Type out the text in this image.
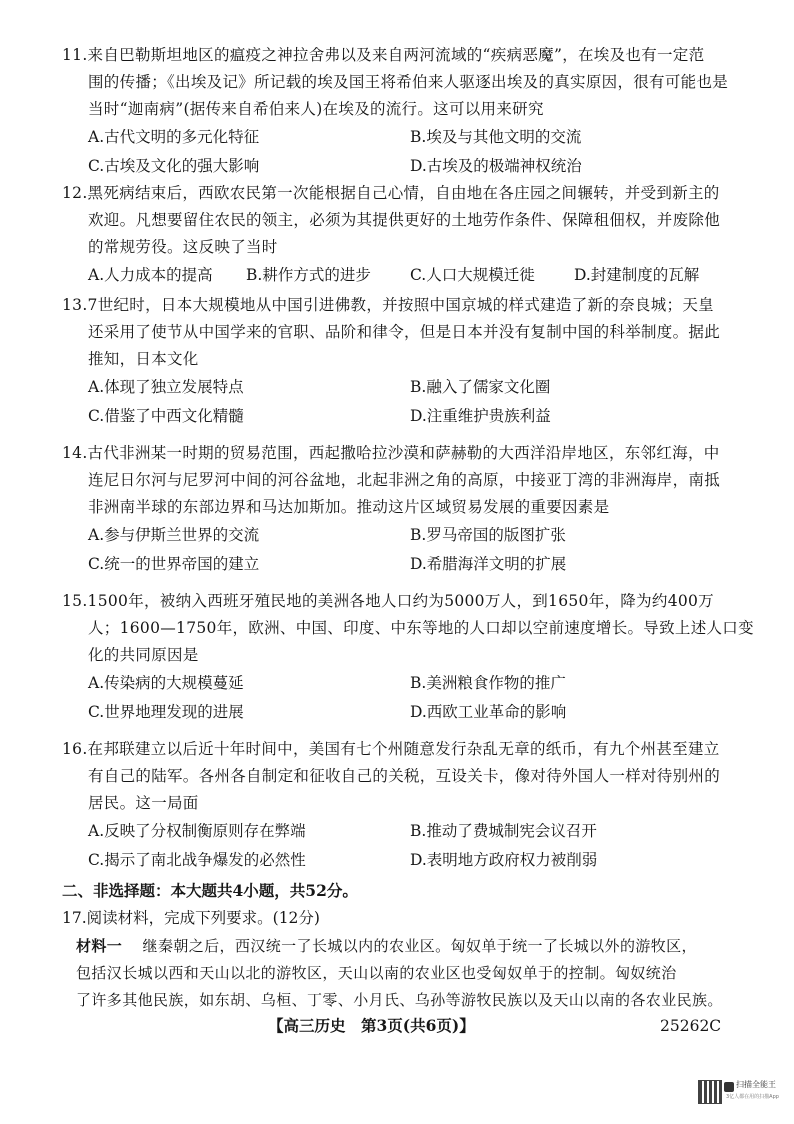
11.来自巴勒斯坦地区的瘟疫之神拉舍弗以及来自两河流域的“疾病恶魔”，在埃及也有一定范
围的传播；《出埃及记》所记载的埃及国王将希伯来人驱逐出埃及的真实原因，很有可能也是
当时“迦南病”(据传来自希伯来人)在埃及的流行。这可以用来研究
A.古代文明的多元化特征	B.埃及与其他文明的交流
C.古埃及文化的强大影响	D.古埃及的极端神权统治
12.黑死病结束后，西欧农民第一次能根据自己心情，自由地在各庄园之间辗转，并受到新主的
欢迎。凡想要留住农民的领主，必须为其提供更好的土地劳作条件、保障租佃权，并废除他
的常规劳役。这反映了当时
A.人力成本的提高 B.耕作方式的进步	C.人口大规模迁徙	D.封建制度的瓦解
13.7世纪时，日本大规模地从中国引进佛教，并按照中国京城的样式建造了新的奈良城；天皇
还采用了使节从中国学来的官职、品阶和律令，但是日本并没有复制中国的科举制度。据此
推知，日本文化
A.体现了独立发展特点	B.融入了儒家文化圈
C.借鉴了中西文化精髓	D.注重维护贵族利益
14.古代非洲某一时期的贸易范围，西起撒哈拉沙漠和萨赫勒的大西洋沿岸地区，东邻红海，中
连尼日尔河与尼罗河中间的河谷盆地，北起非洲之角的高原，中接亚丁湾的非洲海岸，南抵
非洲南半球的东部边界和马达加斯加。推动这片区域贸易发展的重要因素是
A.参与伊斯兰世界的交流	B.罗马帝国的版图扩张
C.统一的世界帝国的建立	D.希腊海洋文明的扩展
15.1500年，被纳入西班牙殖民地的美洲各地人口约为5000万人，到1650年，降为约400万
人；1600—1750年，欧洲、中国、印度、中东等地的人口却以空前速度增长。导致上述人口变
化的共同原因是
A.传染病的大规模蔓延	B.美洲粮食作物的推广
C.世界地理发现的进展	D.西欧工业革命的影响
16.在邦联建立以后近十年时间中，美国有七个州随意发行杂乱无章的纸币，有九个州甚至建立
有自己的陆军。各州各自制定和征收自己的关税，互设关卡，像对待外国人一样对待别州的
居民。这一局面
A.反映了分权制衡原则存在弊端	B.推动了费城制宪会议召开
C.揭示了南北战争爆发的必然性	D.表明地方政府权力被削弱
二、非选择题：本大题共4小题，共52分。
17.阅读材料，完成下列要求。(12分)
材料一 继秦朝之后，西汉统一了长城以内的农业区。匈奴单于统一了长城以外的游牧区，
包括汉长城以西和天山以北的游牧区，天山以南的农业区也受匈奴单于的控制。匈奴统治
了许多其他民族，如东胡、乌桓、丁零、小月氏、乌孙等游牧民族以及天山以南的各农业民族。
【高三历史　第3页(共6页)】	25262C
扫描全能王
3亿人都在用的扫描App
